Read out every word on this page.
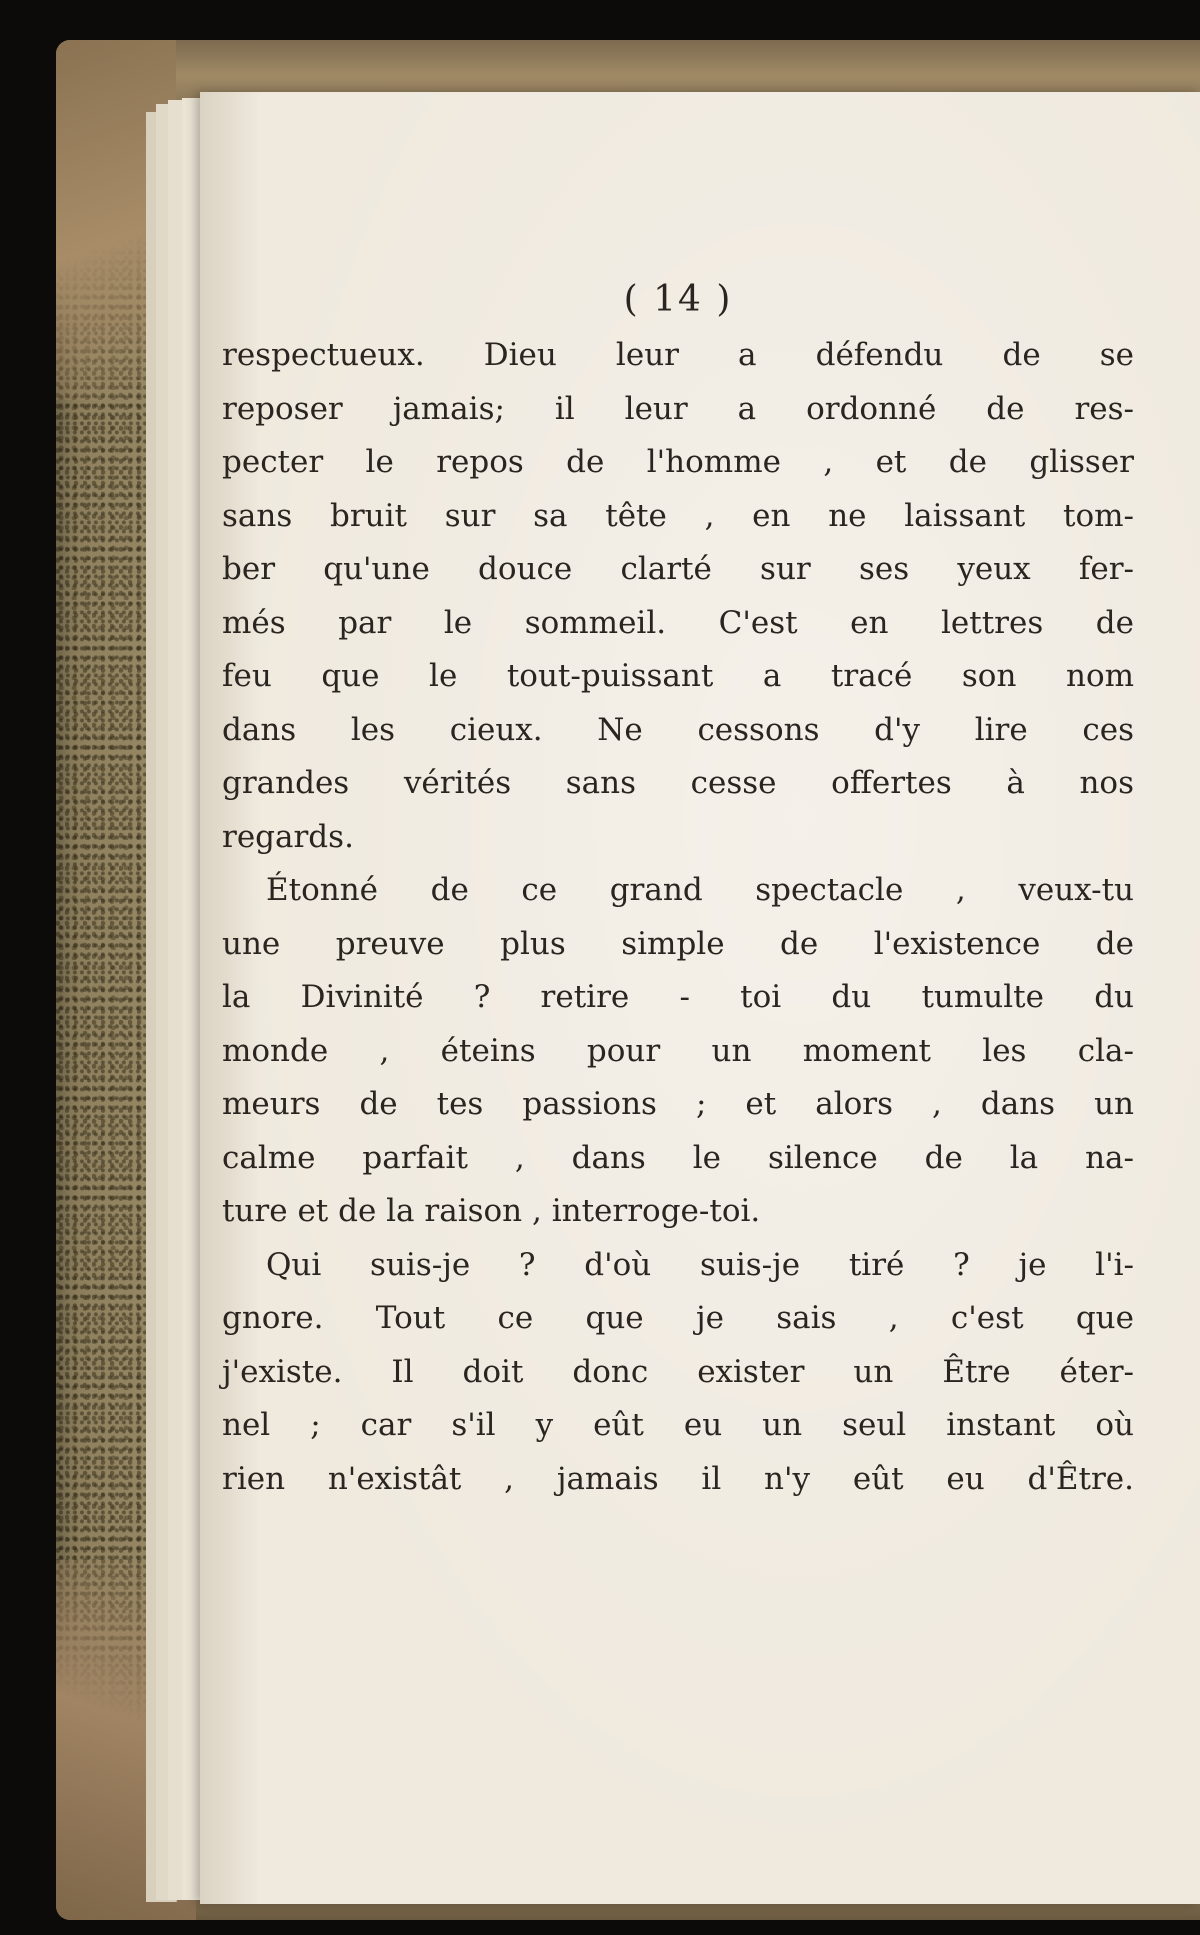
( 14 )
respectueux. Dieu leur a défendu de se
reposer jamais; il leur a ordonné de res-
pecter le repos de l'homme , et de glisser
sans bruit sur sa tête , en ne laissant tom-
ber qu'une douce clarté sur ses yeux fer-
més par le sommeil. C'est en lettres de
feu que le tout-puissant a tracé son nom
dans les cieux. Ne cessons d'y lire ces
grandes vérités sans cesse offertes à nos
regards.
Étonné de ce grand spectacle , veux-tu
une preuve plus simple de l'existence de
la Divinité ? retire - toi du tumulte du
monde , éteins pour un moment les cla-
meurs de tes passions ; et alors , dans un
calme parfait , dans le silence de la na-
ture et de la raison , interroge-toi.
Qui suis-je ? d'où suis-je tiré ? je l'i-
gnore. Tout ce que je sais , c'est que
j'existe. Il doit donc exister un Être éter-
nel ; car s'il y eût eu un seul instant où
rien n'existât , jamais il n'y eût eu d'Être.
